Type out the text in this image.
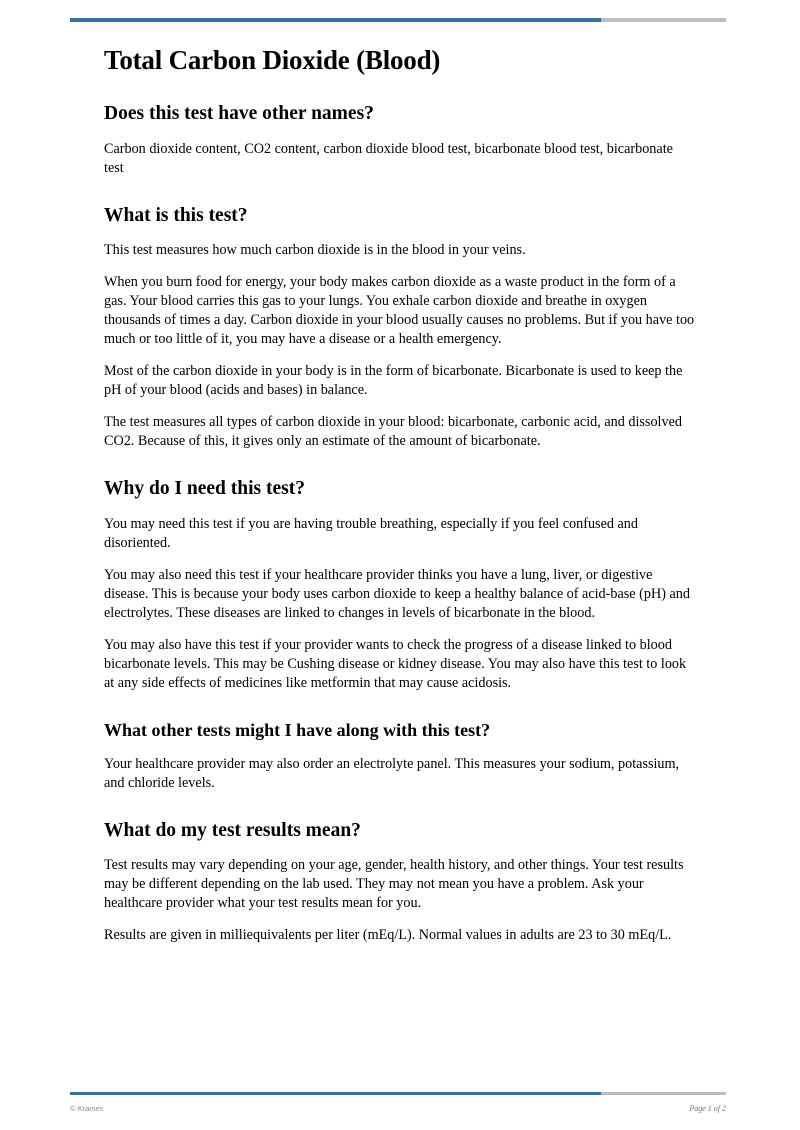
Total Carbon Dioxide (Blood)
Does this test have other names?

Carbon dioxide content, CO2 content, carbon dioxide blood test, bicarbonate blood test, bicarbonate test

What is this test?

This test measures how much carbon dioxide is in the blood in your veins.

When you burn food for energy, your body makes carbon dioxide as a waste product in the form of a gas. Your blood carries this gas to your lungs. You exhale carbon dioxide and breathe in oxygen thousands of times a day. Carbon dioxide in your blood usually causes no problems. But if you have too much or too little of it, you may have a disease or a health emergency.

Most of the carbon dioxide in your body is in the form of bicarbonate. Bicarbonate is used to keep the pH of your blood (acids and bases) in balance.

The test measures all types of carbon dioxide in your blood: bicarbonate, carbonic acid, and dissolved CO2. Because of this, it gives only an estimate of the amount of bicarbonate.

Why do I need this test?

You may need this test if you are having trouble breathing, especially if you feel confused and disoriented.

You may also need this test if your healthcare provider thinks you have a lung, liver, or digestive disease. This is because your body uses carbon dioxide to keep a healthy balance of acid-base (pH) and electrolytes. These diseases are linked to changes in levels of bicarbonate in the blood.

You may also have this test if your provider wants to check the progress of a disease linked to blood bicarbonate levels. This may be Cushing disease or kidney disease. You may also have this test to look at any side effects of medicines like metformin that may cause acidosis.

What other tests might I have along with this test?

Your healthcare provider may also order an electrolyte panel. This measures your sodium, potassium, and chloride levels.

What do my test results mean?

Test results may vary depending on your age, gender, health history, and other things. Your test results may be different depending on the lab used. They may not mean you have a problem. Ask your healthcare provider what your test results mean for you.

Results are given in milliequivalents per liter (mEq/L). Normal values in adults are 23 to 30 mEq/L.

© Krames	Page 1 of 2
